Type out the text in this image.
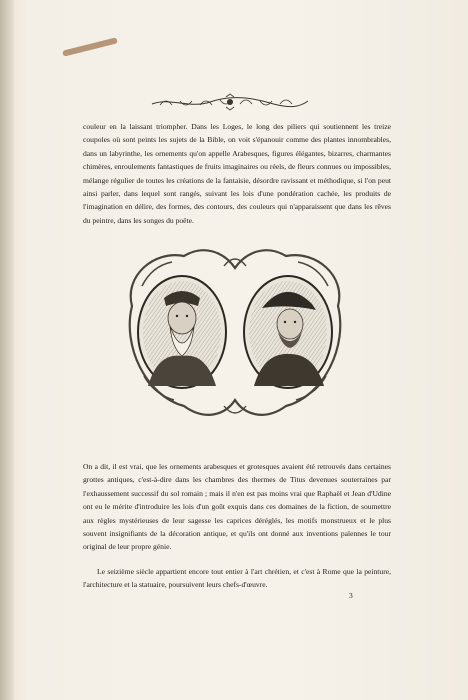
couleur en la laissant triompher. Dans les Loges, le long des piliers qui soutiennent les treize coupoles où sont peints les sujets de la Bible, on voit s'épanouir comme des plantes innombrables, dans un labyrinthe, les ornements qu'on appelle Arabesques, figures élégantes, bizarres, charmantes chimères, enroulements fantastiques de fruits imaginaires ou réels, de fleurs connues ou impossibles, mélange régulier de toutes les créations de la fantaisie, désordre ravissant et méthodique, si l'on peut ainsi parler, dans lequel sont rangés, suivant les lois d'une pondération cachée, les produits de l'imagination en délire, des formes, des contours, des couleurs qui n'apparaissent que dans les rêves du peintre, dans les songes du poëte.

On a dit, il est vrai, que les ornements arabesques et grotesques avaient été retrouvés dans certaines grottes antiques, c'est-à-dire dans les chambres des thermes de Titus devenues souterraines par l'exhaussement successif du sol romain ; mais il n'en est pas moins vrai que Raphaël et Jean d'Udine ont eu le mérite d'introduire les lois d'un goût exquis dans ces domaines de la fiction, de soumettre aux règles mystérieuses de leur sagesse les caprices déréglés, les motifs monstrueux et le plus souvent insignifiants de la décoration antique, et qu'ils ont donné aux inventions païennes le tour original de leur propre génie.

Le seizième siècle appartient encore tout entier à l'art chrétien, et c'est à Rome que la peinture, l'architecture et la statuaire, poursuivent leurs chefs-d'œuvre.

3
